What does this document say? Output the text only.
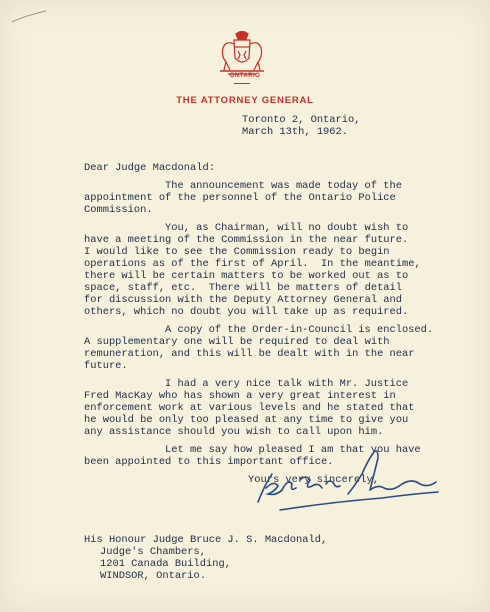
ONTARIO
THE ATTORNEY GENERAL
Toronto 2, Ontario,
March 13th, 1962.
Dear Judge Macdonald:
The announcement was made today of the
appointment of the personnel of the Ontario Police
Commission.
You, as Chairman, will no doubt wish to
have a meeting of the Commission in the near future.
I would like to see the Commission ready to begin
operations as of the first of April.  In the meantime,
there will be certain matters to be worked out as to
space, staff, etc.  There will be matters of detail
for discussion with the Deputy Attorney General and
others, which no doubt you will take up as required.
A copy of the Order-in-Council is enclosed.
A supplementary one will be required to deal with
remuneration, and this will be dealt with in the near
future.
I had a very nice talk with Mr. Justice
Fred MacKay who has shown a very great interest in
enforcement work at various levels and he stated that
he would be only too pleased at any time to give you
any assistance should you wish to call upon him.
Let me say how pleased I am that you have
been appointed to this important office.
Yours very sincerely,
His Honour Judge Bruce J. S. Macdonald,
Judge's Chambers,
1201 Canada Building,
WINDSOR, Ontario.
